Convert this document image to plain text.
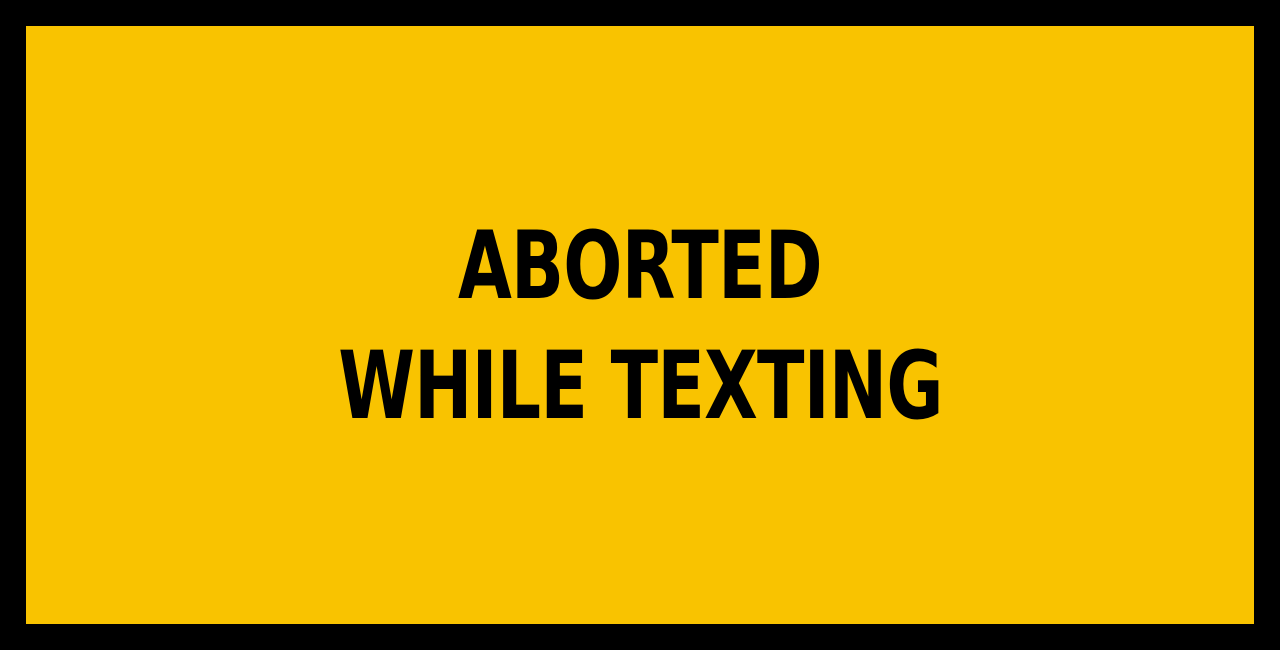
ABORTED
WHILE TEXTING
